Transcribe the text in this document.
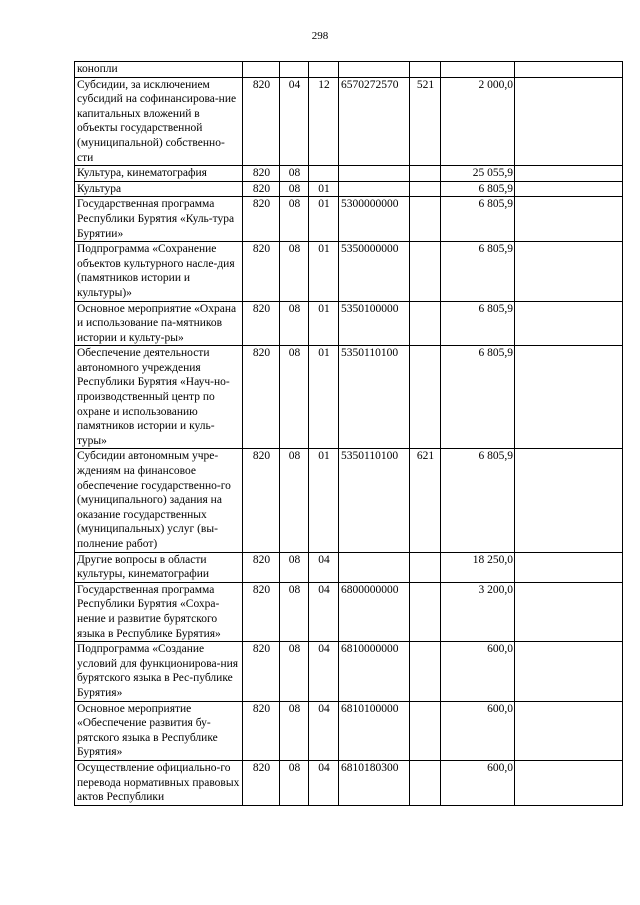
298
конопли							
Субсидии, за исключением субсидий на софинансирова-ние капитальных вложений в объекты государственной (муниципальной) собственно-сти	820	04	12	6570272570	521	2 000,0	
Культура, кинематография	820	08				25 055,9	
Культура	820	08	01			6 805,9	
Государственная программа Республики Бурятия «Куль-тура Бурятии»	820	08	01	5300000000		6 805,9	
Подпрограмма «Сохранение объектов культурного насле-дия (памятников истории и культуры)»	820	08	01	5350000000		6 805,9	
Основное мероприятие «Охрана и использование па-мятников истории и культу-ры»	820	08	01	5350100000		6 805,9	
Обеспечение деятельности автономного учреждения Республики Бурятия «Науч-но-производственный центр по охране и использованию памятников истории и куль-туры»	820	08	01	5350110100		6 805,9	
Субсидии автономным учре-ждениям на финансовое обеспечение государственно-го (муниципального) задания на оказание государственных (муниципальных) услуг (вы-полнение работ)	820	08	01	5350110100	621	6 805,9	
Другие вопросы в области культуры, кинематографии	820	08	04			18 250,0	
Государственная программа Республики Бурятия «Сохра-нение и развитие бурятского языка в Республике Бурятия»	820	08	04	6800000000		3 200,0	
Подпрограмма «Создание условий для функционирова-ния бурятского языка в Рес-публике Бурятия»	820	08	04	6810000000		600,0	
Основное мероприятие «Обеспечение развития бу-рятского языка в Республике Бурятия»	820	08	04	6810100000		600,0	
Осуществление официально-го перевода нормативных правовых актов Республики	820	08	04	6810180300		600,0	
